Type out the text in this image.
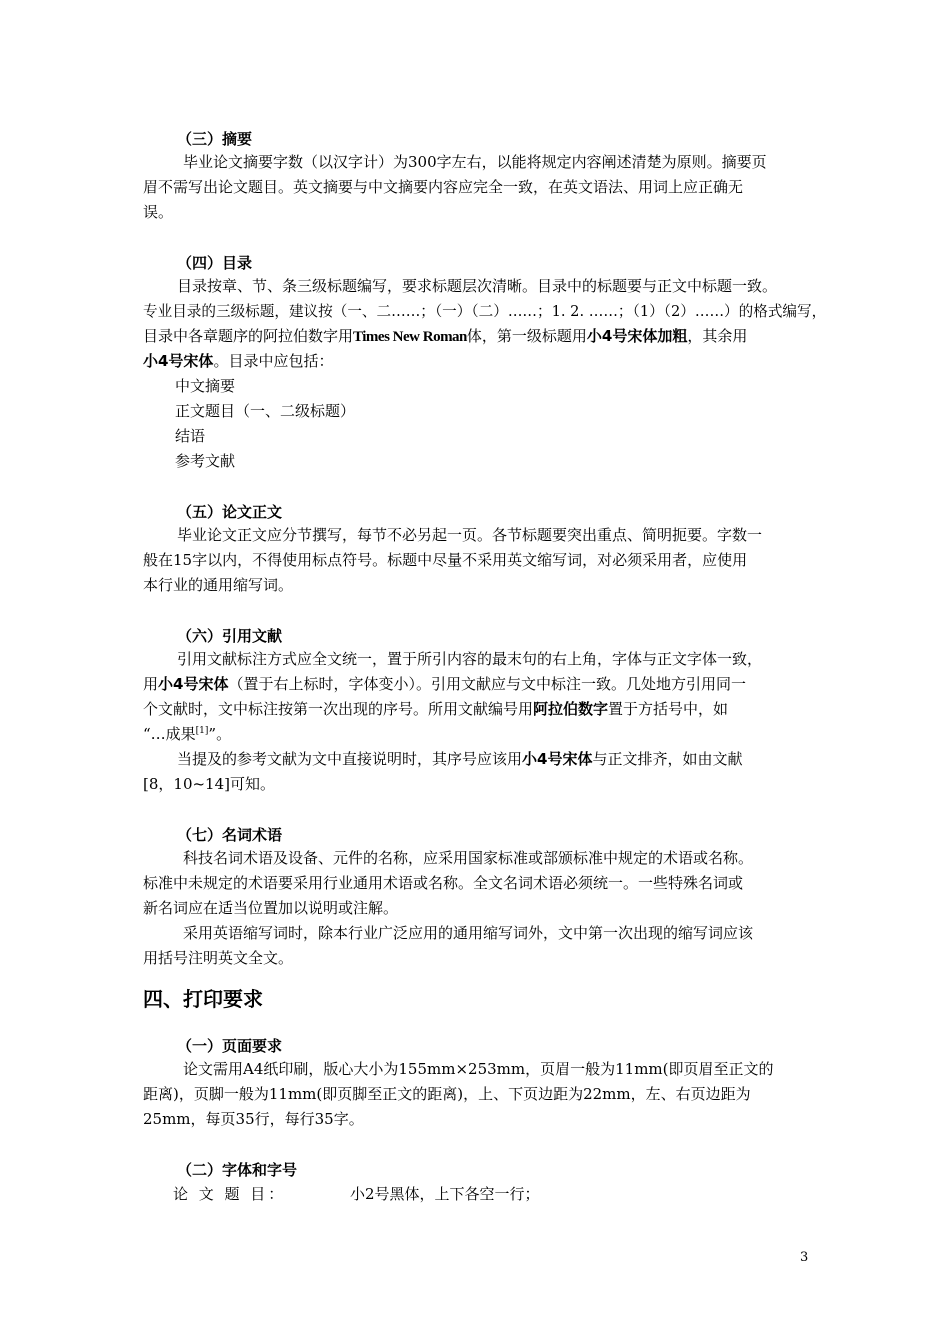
（三）摘要
毕业论文摘要字数（以汉字计）为300字左右，以能将规定内容阐述清楚为原则。摘要页
眉不需写出论文题目。英文摘要与中文摘要内容应完全一致，在英文语法、用词上应正确无
误。
（四）目录
目录按章、节、条三级标题编写，要求标题层次清晰。目录中的标题要与正文中标题一致。
专业目录的三级标题，建议按（一、二……；（一）（二）……；1. 2. ……；（1）（2）……）的格式编写，
目录中各章题序的阿拉伯数字用Times New Roman体，第一级标题用小4号宋体加粗，其余用
小4号宋体。目录中应包括：
中文摘要
正文题目（一、二级标题）
结语
参考文献
（五）论文正文
毕业论文正文应分节撰写，每节不必另起一页。各节标题要突出重点、简明扼要。字数一
般在15字以内，不得使用标点符号。标题中尽量不采用英文缩写词，对必须采用者，应使用
本行业的通用缩写词。
（六）引用文献
引用文献标注方式应全文统一，置于所引内容的最末句的右上角，字体与正文字体一致，
用小4号宋体（置于右上标时，字体变小）。引用文献应与文中标注一致。几处地方引用同一
个文献时，文中标注按第一次出现的序号。所用文献编号用阿拉伯数字置于方括号中，如
“…成果[1]”。
当提及的参考文献为文中直接说明时，其序号应该用小4号宋体与正文排齐，如由文献
[8，10~14]可知。
（七）名词术语
科技名词术语及设备、元件的名称，应采用国家标准或部颁标准中规定的术语或名称。
标准中未规定的术语要采用行业通用术语或名称。全文名词术语必须统一。一些特殊名词或
新名词应在适当位置加以说明或注解。
采用英语缩写词时，除本行业广泛应用的通用缩写词外，文中第一次出现的缩写词应该
用括号注明英文全文。
四、打印要求
（一）页面要求
论文需用A4纸印刷，版心大小为155mm×253mm，页眉一般为11mm(即页眉至正文的
距离)，页脚一般为11mm(即页脚至正文的距离)，上、下页边距为22mm，左、右页边距为
25mm，每页35行，每行35字。
（二）字体和字号
论 文 题 目：	小2号黑体，上下各空一行；
3
